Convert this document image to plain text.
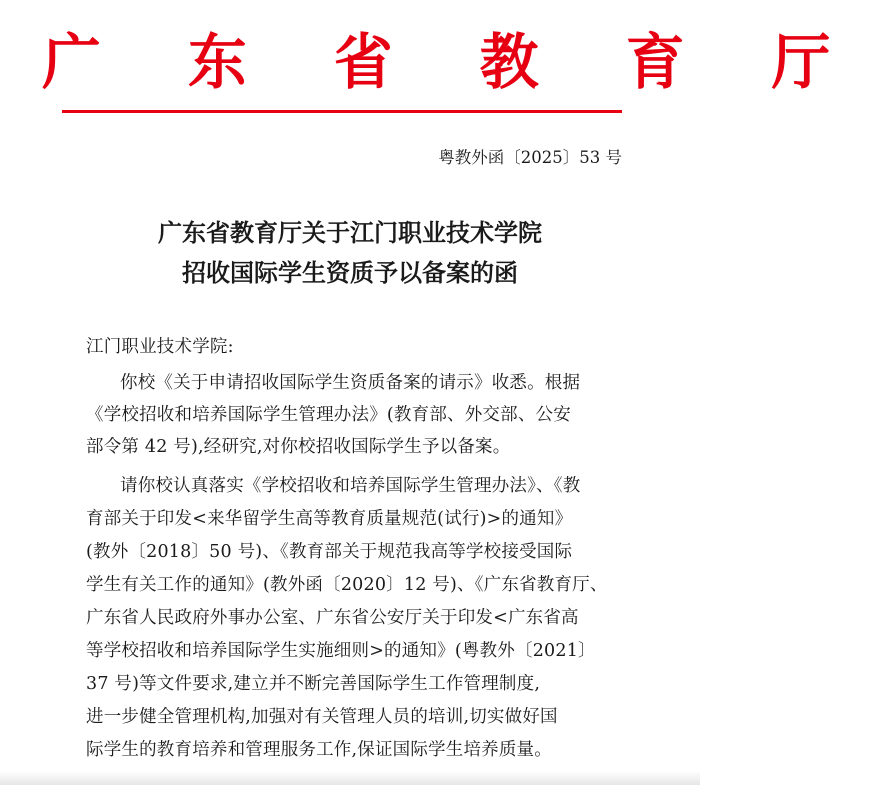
广 东 省 教 育 厅
粤教外函〔2025〕53 号
广东省教育厅关于江门职业技术学院
招收国际学生资质予以备案的函
江门职业技术学院:
你校《关于申请招收国际学生资质备案的请示》收悉。根据
《学校招收和培养国际学生管理办法》(教育部、外交部、公安
部令第 42 号),经研究,对你校招收国际学生予以备案。
请你校认真落实《学校招收和培养国际学生管理办法》、《教
育部关于印发<来华留学生高等教育质量规范(试行)>的通知》
(教外〔2018〕50 号)、《教育部关于规范我高等学校接受国际
学生有关工作的通知》(教外函〔2020〕12 号)、《广东省教育厅、
广东省人民政府外事办公室、广东省公安厅关于印发<广东省高
等学校招收和培养国际学生实施细则>的通知》(粤教外〔2021〕
37 号)等文件要求,建立并不断完善国际学生工作管理制度,
进一步健全管理机构,加强对有关管理人员的培训,切实做好国
际学生的教育培养和管理服务工作,保证国际学生培养质量。
